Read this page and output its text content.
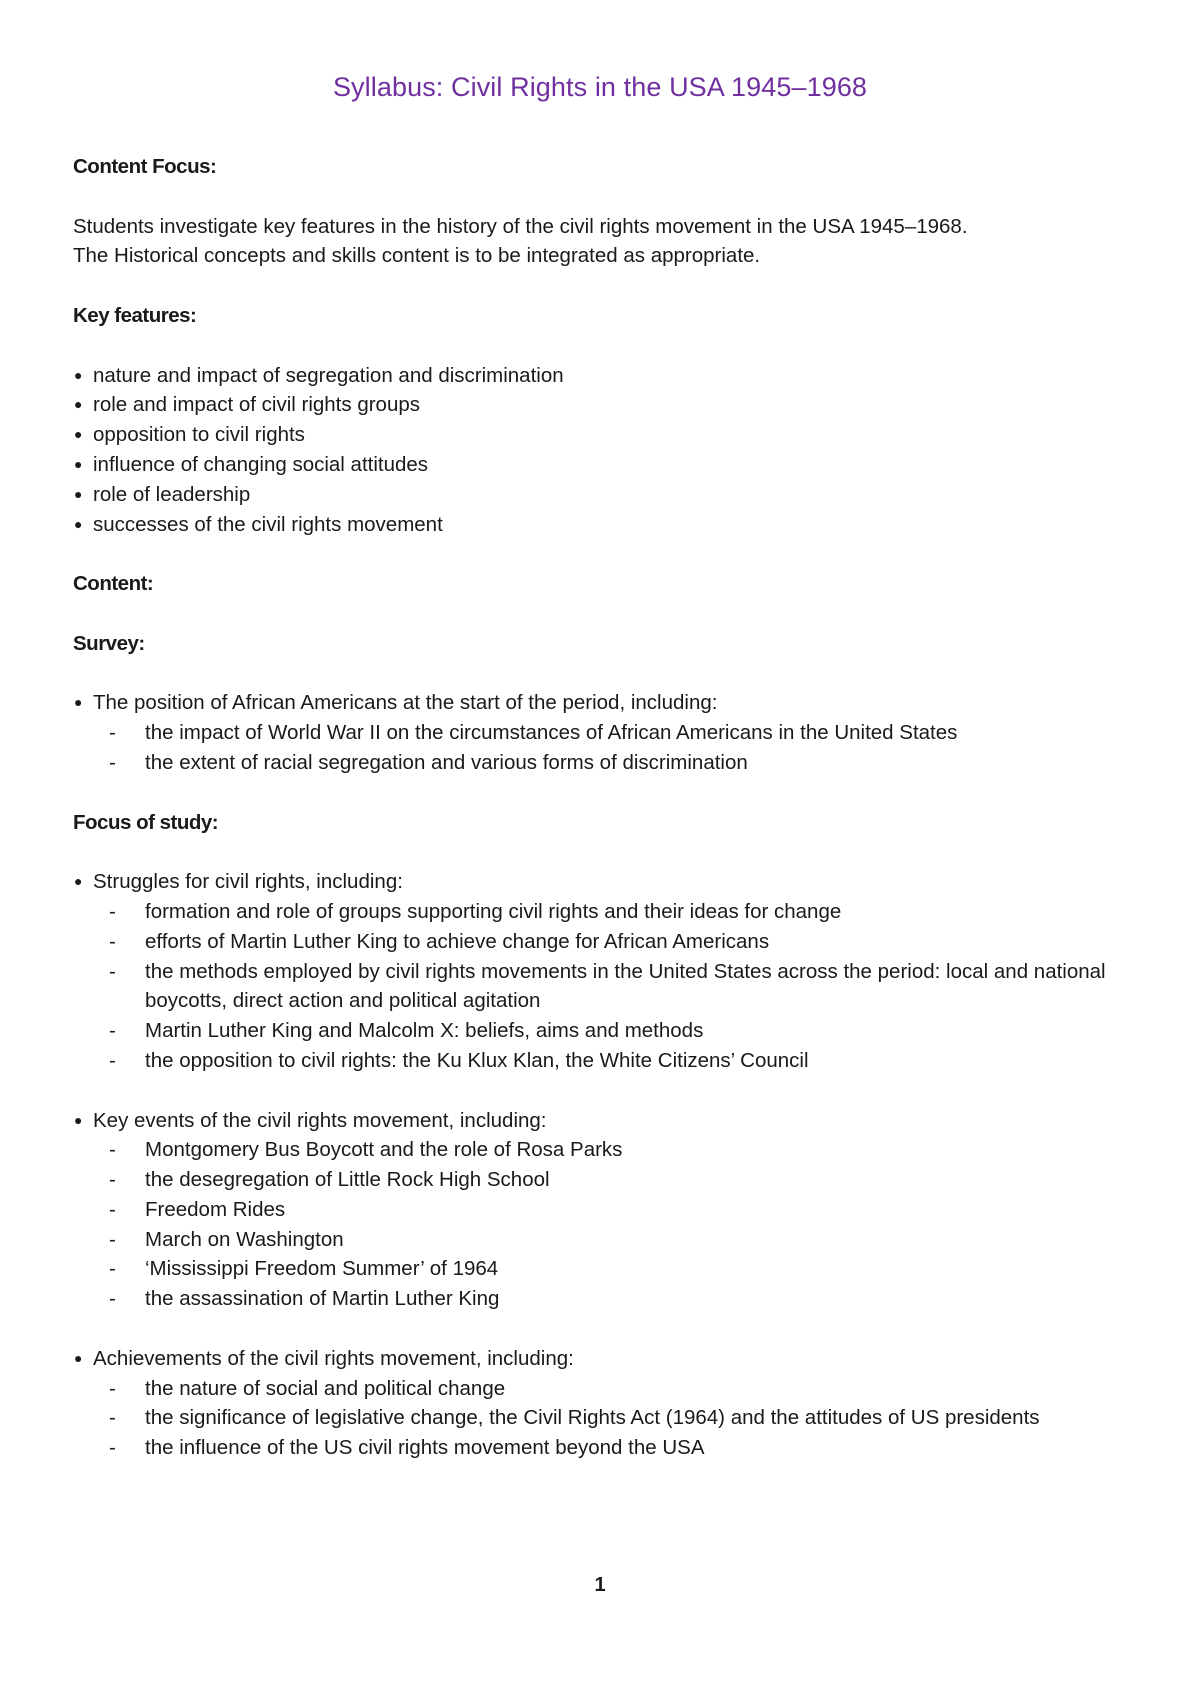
Syllabus: Civil Rights in the USA 1945–1968

Content Focus:

Students investigate key features in the history of the civil rights movement in the USA 1945–1968.

The Historical concepts and skills content is to be integrated as appropriate.

Key features:

● nature and impact of segregation and discrimination
● role and impact of civil rights groups
● opposition to civil rights
● influence of changing social attitudes
● role of leadership
● successes of the civil rights movement

Content:

Survey:

● The position of African Americans at the start of the period, including:
- the impact of World War II on the circumstances of African Americans in the United States
- the extent of racial segregation and various forms of discrimination

Focus of study:

● Struggles for civil rights, including:
- formation and role of groups supporting civil rights and their ideas for change
- efforts of Martin Luther King to achieve change for African Americans
- the methods employed by civil rights movements in the United States across the period: local and national boycotts, direct action and political agitation
- Martin Luther King and Malcolm X: beliefs, aims and methods
- the opposition to civil rights: the Ku Klux Klan, the White Citizens’ Council
● Key events of the civil rights movement, including:
- Montgomery Bus Boycott and the role of Rosa Parks
- the desegregation of Little Rock High School
- Freedom Rides
- March on Washington
- ‘Mississippi Freedom Summer’ of 1964
- the assassination of Martin Luther King
● Achievements of the civil rights movement, including:
- the nature of social and political change
- the significance of legislative change, the Civil Rights Act (1964) and the attitudes of US presidents
- the influence of the US civil rights movement beyond the USA
1
